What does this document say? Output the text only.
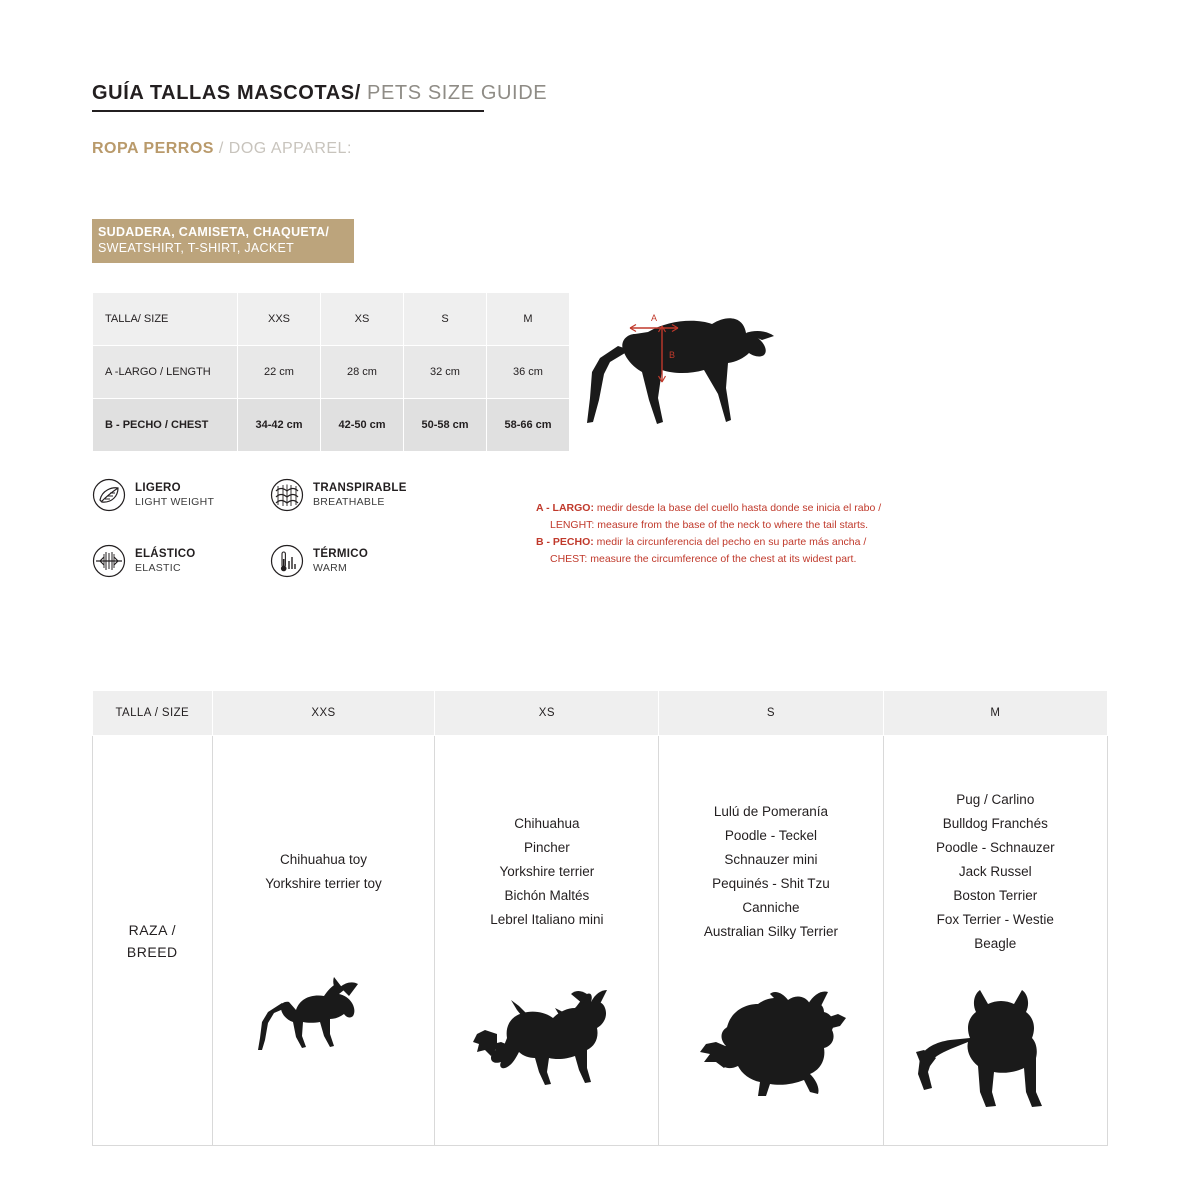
GUÍA TALLAS MASCOTAS/ PETS SIZE GUIDE
ROPA PERROS / DOG APPAREL:
SUDADERA, CAMISETA, CHAQUETA/
SWEATSHIRT, T-SHIRT, JACKET
TALLA/ SIZE	XXS	XS	S	M
A -LARGO / LENGTH	22 cm	28 cm	32 cm	36 cm
B - PECHO / CHEST	34-42 cm	42-50 cm	50-58 cm	58-66 cm
LIGERO
LIGHT WEIGHT
TRANSPIRABLE
BREATHABLE
ELÁSTICO
ELASTIC
TÉRMICO
WARM
A
B
A - LARGO: medir desde la base del cuello hasta donde se inicia el rabo /
LENGHT: measure from the base of the neck to where the tail starts.
B - PECHO: medir la circunferencia del pecho en su parte más ancha /
CHEST: measure the circumference of the chest at its widest part.
TALLA / SIZE	XXS	XS	S	M

RAZA /
BREED

Chihuahua toy
Yorkshire terrier toy

Chihuahua
Pincher
Yorkshire terrier
Bichón Maltés
Lebrel Italiano mini

Lulú de Pomeranía
Poodle - Teckel
Schnauzer mini
Pequinés - Shit Tzu
Canniche
Australian Silky Terrier

Pug / Carlino
Bulldog Franchés
Poodle - Schnauzer
Jack Russel
Boston Terrier
Fox Terrier - Westie
Beagle
